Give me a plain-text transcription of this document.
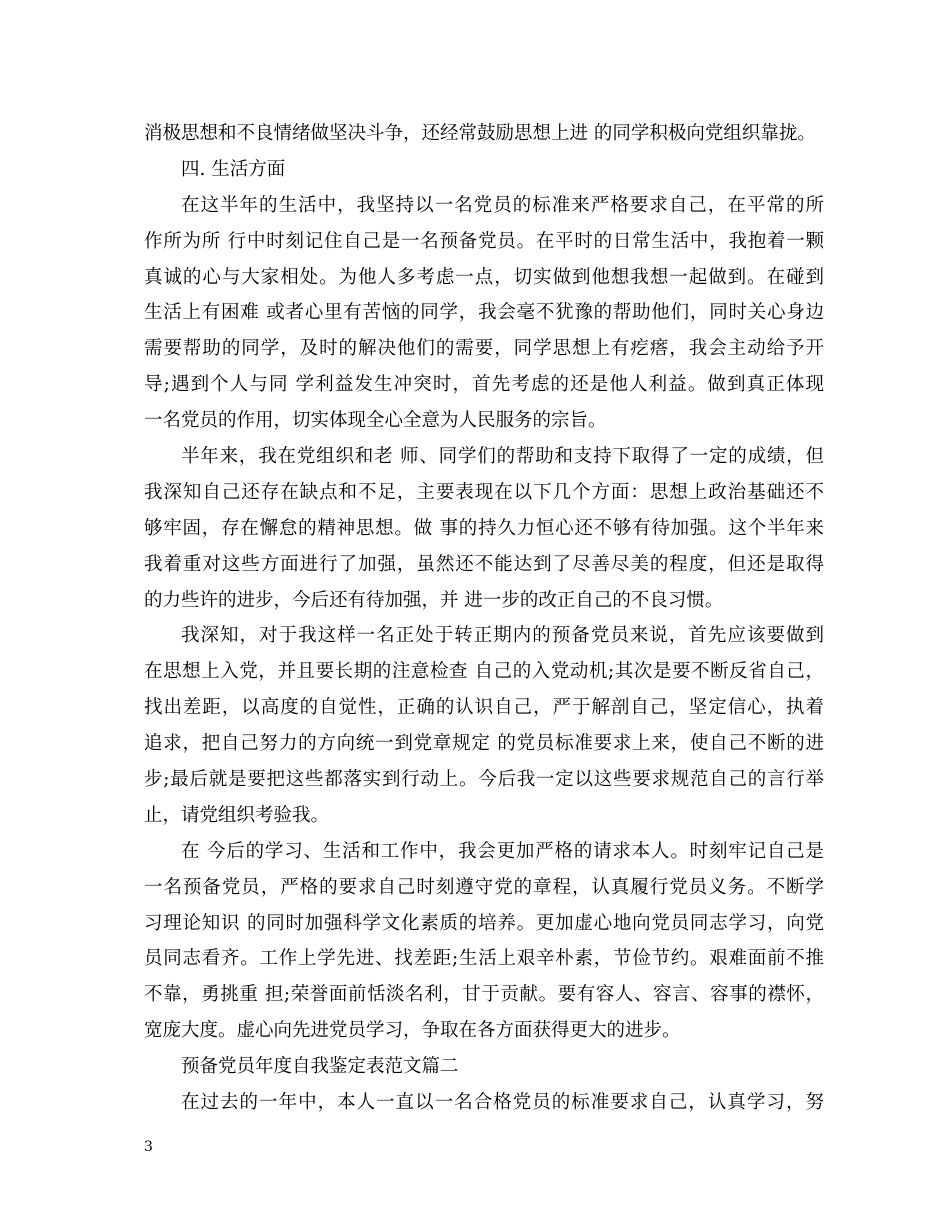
消极思想和不良情绪做坚决斗争，还经常鼓励思想上进 的同学积极向党组织靠拢。
四. 生活方面
在这半年的生活中，我坚持以一名党员的标准来严格要求自己，在平常的所
作所为所 行中时刻记住自己是一名预备党员。在平时的日常生活中，我抱着一颗
真诚的心与大家相处。为他人多考虑一点，切实做到他想我想一起做到。在碰到
生活上有困难 或者心里有苦恼的同学，我会毫不犹豫的帮助他们，同时关心身边
需要帮助的同学，及时的解决他们的需要，同学思想上有疙瘩，我会主动给予开
导;遇到个人与同 学利益发生冲突时，首先考虑的还是他人利益。做到真正体现
一名党员的作用，切实体现全心全意为人民服务的宗旨。
半年来，我在党组织和老 师、同学们的帮助和支持下取得了一定的成绩，但
我深知自己还存在缺点和不足，主要表现在以下几个方面：思想上政治基础还不
够牢固，存在懈怠的精神思想。做 事的持久力恒心还不够有待加强。这个半年来
我着重对这些方面进行了加强，虽然还不能达到了尽善尽美的程度，但还是取得
的力些许的进步，今后还有待加强，并 进一步的改正自己的不良习惯。
我深知，对于我这样一名正处于转正期内的预备党员来说，首先应该要做到
在思想上入党，并且要长期的注意检查 自己的入党动机;其次是要不断反省自己，
找出差距，以高度的自觉性，正确的认识自己，严于解剖自己，坚定信心，执着
追求，把自己努力的方向统一到党章规定 的党员标准要求上来，使自己不断的进
步;最后就是要把这些都落实到行动上。今后我一定以这些要求规范自己的言行举
止，请党组织考验我。
在 今后的学习、生活和工作中，我会更加严格的请求本人。时刻牢记自己是
一名预备党员，严格的要求自己时刻遵守党的章程，认真履行党员义务。不断学
习理论知识 的同时加强科学文化素质的培养。更加虚心地向党员同志学习，向党
员同志看齐。工作上学先进、找差距;生活上艰辛朴素，节俭节约。艰难面前不推
不靠，勇挑重 担;荣誉面前恬淡名利，甘于贡献。要有容人、容言、容事的襟怀，
宽庞大度。虚心向先进党员学习，争取在各方面获得更大的进步。
预备党员年度自我鉴定表范文篇二
在过去的一年中，本人一直以一名合格党员的标准要求自己，认真学习，努
3
